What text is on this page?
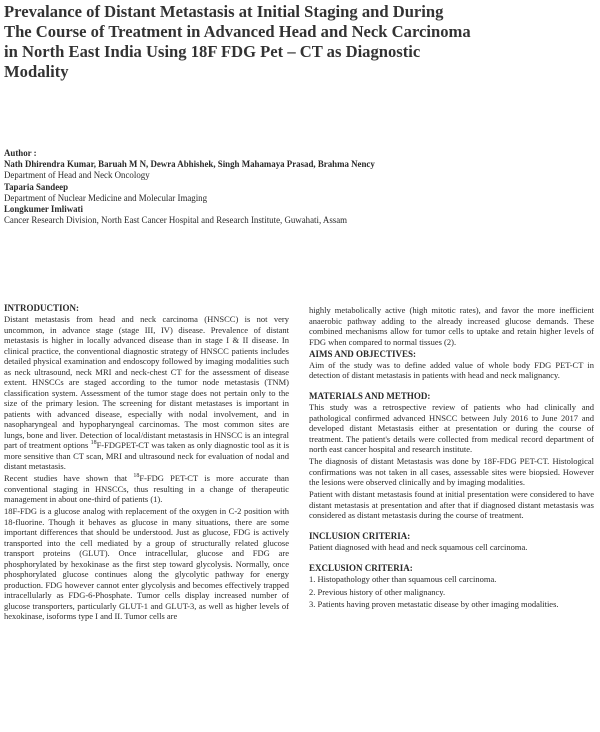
Prevalance of Distant Metastasis at Initial Staging and During The Course of Treatment in Advanced Head and Neck Carcinoma in North East India Using 18F FDG Pet – CT as Diagnostic Modality
Author :
Nath Dhirendra Kumar, Baruah M N, Dewra Abhishek, Singh Mahamaya Prasad, Brahma Nency
Department of Head and Neck Oncology
Taparia Sandeep
Department of Nuclear Medicine and Molecular Imaging
Longkumer Imliwati
Cancer Research Division, North East Cancer Hospital and Research Institute, Guwahati, Assam
INTRODUCTION:

Distant metastasis from head and neck carcinoma (HNSCC) is not very uncommon, in advance stage (stage III, IV) disease. Prevalence of distant metastasis is higher in locally advanced disease than in stage I & II disease. In clinical practice, the conventional diagnostic strategy of HNSCC patients includes detailed physical examination and endoscopy followed by imaging modalities such as neck ultrasound, neck MRI and neck-chest CT for the assessment of disease extent. HNSCCs are staged according to the tumor node metastasis (TNM) classification system. Assessment of the tumor stage does not pertain only to the size of the primary lesion. The screening for distant metastases is important in patients with advanced disease, especially with nodal involvement, and in nasopharyngeal and hypopharyngeal carcinomas. The most common sites are lungs, bone and liver. Detection of local/distant metastasis in HNSCC is an integral part of treatment options $^{18}$F-FDGPET-CT was taken as only diagnostic tool as it is more sensitive than CT scan, MRI and ultrasound neck for evaluation of nodal and distant metastasis.

Recent studies have shown that $^{18}$F-FDG PET-CT is more accurate than conventional staging in HNSCCs, thus resulting in a change of therapeutic management in about one-third of patients (1).

18F-FDG is a glucose analog with replacement of the oxygen in C-2 position with 18-fluorine. Though it behaves as glucose in many situations, there are some important differences that should be understood. Just as glucose, FDG is actively transported into the cell mediated by a group of structurally related glucose transport proteins (GLUT). Once intracellular, glucose and FDG are phosphorylated by hexokinase as the first step toward glycolysis. Normally, once phosphorylated glucose continues along the glycolytic pathway for energy production. FDG however cannot enter glycolysis and becomes effectively trapped intracellularly as FDG-6-Phosphate. Tumor cells display increased number of glucose transporters, particularly GLUT-1 and GLUT-3, as well as higher levels of hexokinase, isoforms type I and II. Tumor cells are

highly metabolically active (high mitotic rates), and favor the more inefficient anaerobic pathway adding to the already increased glucose demands. These combined mechanisms allow for tumor cells to uptake and retain higher levels of FDG when compared to normal tissues (2).

AIMS AND OBJECTIVES:

Aim of the study was to define added value of whole body FDG PET-CT in detection of distant metastasis in patients with head and neck malignancy.

MATERIALS AND METHOD:

This study was a retrospective review of patients who had clinically and pathological confirmed advanced HNSCC between July 2016 to June 2017 and developed distant Metastasis either at presentation or during the course of treatment. The patient's details were collected from medical record department of north east cancer hospital and research institute.

The diagnosis of distant Metastasis was done by 18F-FDG PET-CT. Histological confirmations was not taken in all cases, assessable sites were biopsied. However the lesions were observed clinically and by imaging modalities.

Patient with distant metastasis found at initial presentation were considered to have distant metastasis at presentation and after that if diagnosed distant metastasis was considered as distant metastasis during the course of treatment.

INCLUSION CRITERIA:

Patient diagnosed with head and neck squamous cell carcinoma.

EXCLUSION CRITERIA:
1. Histopathology other than squamous cell carcinoma.
2. Previous history of other malignancy.
3. Patients having proven metastatic disease by other imaging modalities.
